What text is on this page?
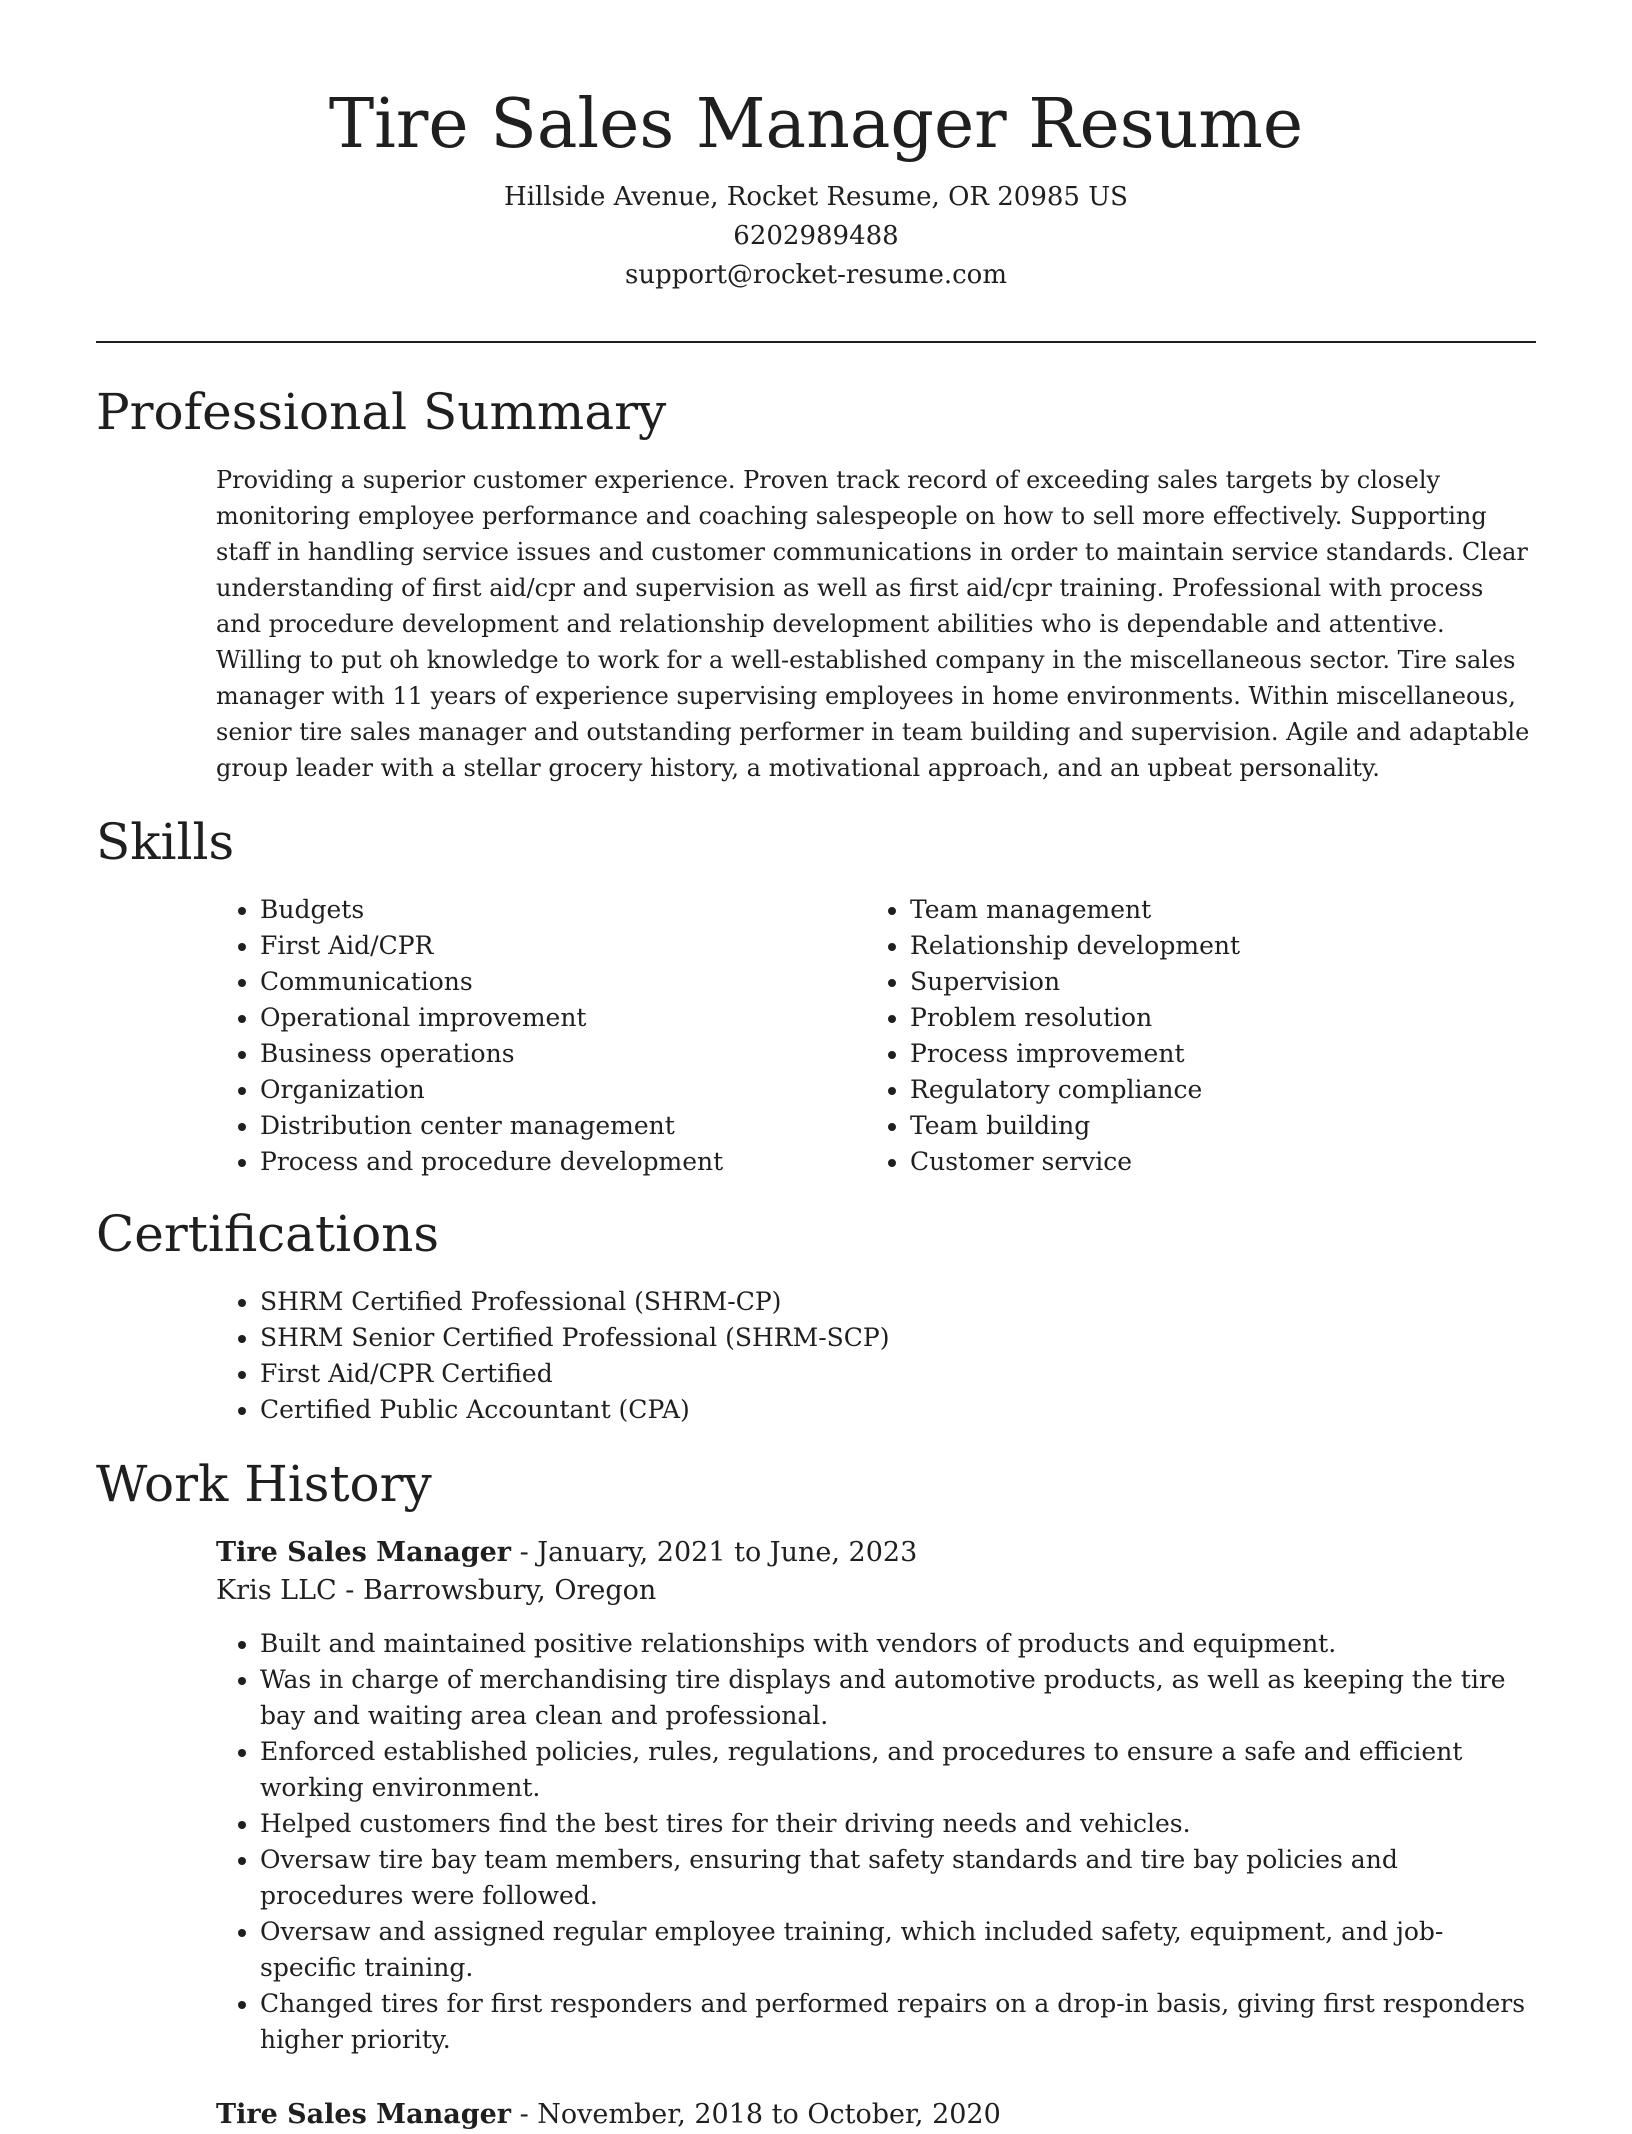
Tire Sales Manager Resume
Hillside Avenue, Rocket Resume, OR 20985 US
6202989488
support@rocket-resume.com
Professional Summary

Providing a superior customer experience. Proven track record of exceeding sales targets by closely monitoring employee performance and coaching salespeople on how to sell more effectively. Supporting staff in handling service issues and customer communications in order to maintain service standards. Clear understanding of first aid/cpr and supervision as well as first aid/cpr training. Professional with process and procedure development and relationship development abilities who is dependable and attentive. Willing to put oh knowledge to work for a well-established company in the miscellaneous sector. Tire sales manager with 11 years of experience supervising employees in home environments. Within miscellaneous, senior tire sales manager and outstanding performer in team building and supervision. Agile and adaptable group leader with a stellar grocery history, a motivational approach, and an upbeat personality.

Skills
• Budgets
• First Aid/CPR
• Communications
• Operational improvement
• Business operations
• Organization
• Distribution center management
• Process and procedure development
• Team management
• Relationship development
• Supervision
• Problem resolution
• Process improvement
• Regulatory compliance
• Team building
• Customer service
Certifications
• SHRM Certified Professional (SHRM-CP)
• SHRM Senior Certified Professional (SHRM-SCP)
• First Aid/CPR Certified
• Certified Public Accountant (CPA)
Work History
Tire Sales Manager - January, 2021 to June, 2023
Kris LLC - Barrowsbury, Oregon
• Built and maintained positive relationships with vendors of products and equipment.
• Was in charge of merchandising tire displays and automotive products, as well as keeping the tire bay and waiting area clean and professional.
• Enforced established policies, rules, regulations, and procedures to ensure a safe and efficient working environment.
• Helped customers find the best tires for their driving needs and vehicles.
• Oversaw tire bay team members, ensuring that safety standards and tire bay policies and procedures were followed.
• Oversaw and assigned regular employee training, which included safety, equipment, and job-specific training.
• Changed tires for first responders and performed repairs on a drop-in basis, giving first responders higher priority.
Tire Sales Manager - November, 2018 to October, 2020
